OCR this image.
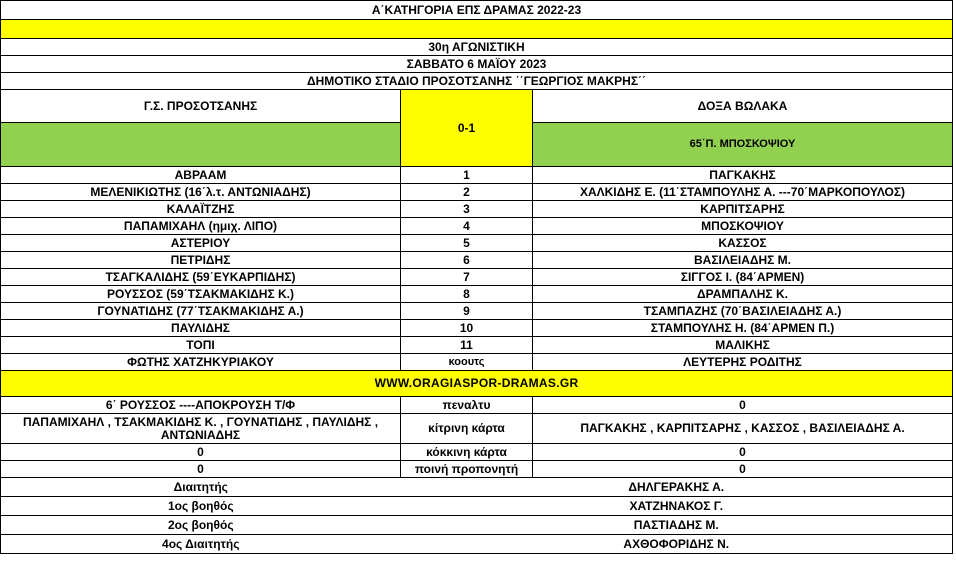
Α΄ΚΑΤΗΓΟΡΙΑ ΕΠΣ ΔΡΑΜΑΣ 2022-23		

30η ΑΓΩΝΙΣΤΙΚΗ		
ΣΑΒΒΑΤΟ 6 ΜΑΪΟΥ 2023		
ΔΗΜΟΤΙΚΟ ΣΤΑΔΙΟ ΠΡΟΣΟΤΣΑΝΗΣ ΄΄ΓΕΩΡΓΙΟΣ ΜΑΚΡΗΣ΄΄		
Γ.Σ. ΠΡΟΣΟΤΣΑΝΗΣ	0-1	ΔΟΞΑ ΒΩΛΑΚΑ
		65΄Π. ΜΠΟΣΚΟΨΙΟΥ
ΑΒΡΑΑΜ	1	ΠΑΓΚΑΚΗΣ
ΜΕΛΕΝΙΚΙΩΤΗΣ (16΄λ.τ. ΑΝΤΩΝΙΑΔΗΣ)	2	ΧΑΛΚΙΔΗΣ Ε. (11΄ΣΤΑΜΠΟΥΛΗΣ Α. ---70΄ΜΑΡΚΟΠΟΥΛΟΣ)
ΚΑΛΑΪΤΖΗΣ	3	ΚΑΡΠΙΤΣΑΡΗΣ
ΠΑΠΑΜΙΧΑΗΛ (ημιχ. ΛΙΠΟ)	4	ΜΠΟΣΚΟΨΙΟΥ
ΑΣΤΕΡΙΟΥ	5	ΚΑΣΣΟΣ
ΠΕΤΡΙΔΗΣ	6	ΒΑΣΙΛΕΙΑΔΗΣ Μ.
ΤΣΑΓΚΑΛΙΔΗΣ (59΄ΕΥΚΑΡΠΙΔΗΣ)	7	ΣΙΓΓΟΣ Ι. (84΄ΑΡΜΕΝ)
ΡΟΥΣΣΟΣ (59΄ΤΣΑΚΜΑΚΙΔΗΣ Κ.)	8	ΔΡΑΜΠΑΛΗΣ Κ.
ΓΟΥΝΑΤΙΔΗΣ (77΄ΤΣΑΚΜΑΚΙΔΗΣ Α.)	9	ΤΣΑΜΠΑΖΗΣ (70΄ΒΑΣΙΛΕΙΑΔΗΣ Α.)
ΠΑΥΛΙΔΗΣ	10	ΣΤΑΜΠΟΥΛΗΣ Η. (84΄ΑΡΜΕΝ Π.)
ΤΟΠΙ	11	ΜΑΛΙΚΗΣ
ΦΩΤΗΣ ΧΑΤΖΗΚΥΡΙΑΚΟΥ	κοουτς	ΛΕΥΤΕΡΗΣ ΡΟΔΙΤΗΣ
WWW.ORAGIASPOR-DRAMAS.GR		
6΄ ΡΟΥΣΣΟΣ ----ΑΠΟΚΡΟΥΣΗ Τ/Φ	πεναλτυ	0
ΠΑΠΑΜΙΧΑΗΛ , ΤΣΑΚΜΑΚΙΔΗΣ Κ. , ΓΟΥΝΑΤΙΔΗΣ , ΠΑΥΛΙΔΗΣ , ΑΝΤΩΝΙΑΔΗΣ	κίτρινη κάρτα	ΠΑΓΚΑΚΗΣ , ΚΑΡΠΙΤΣΑΡΗΣ , ΚΑΣΣΟΣ , ΒΑΣΙΛΕΙΑΔΗΣ Α.
0	κόκκινη κάρτα	0
0	ποινή προπονητή	0
Διαιτητής	ΔΗΛΓΕΡΑΚΗΣ Α.	
1ος βοηθός	ΧΑΤΖΗΝΑΚΟΣ Γ.	
2ος βοηθός	ΠΑΣΤΙΑΔΗΣ Μ.	
4ος Διαιτητής	ΑΧΘΟΦΟΡΙΔΗΣ Ν.	
